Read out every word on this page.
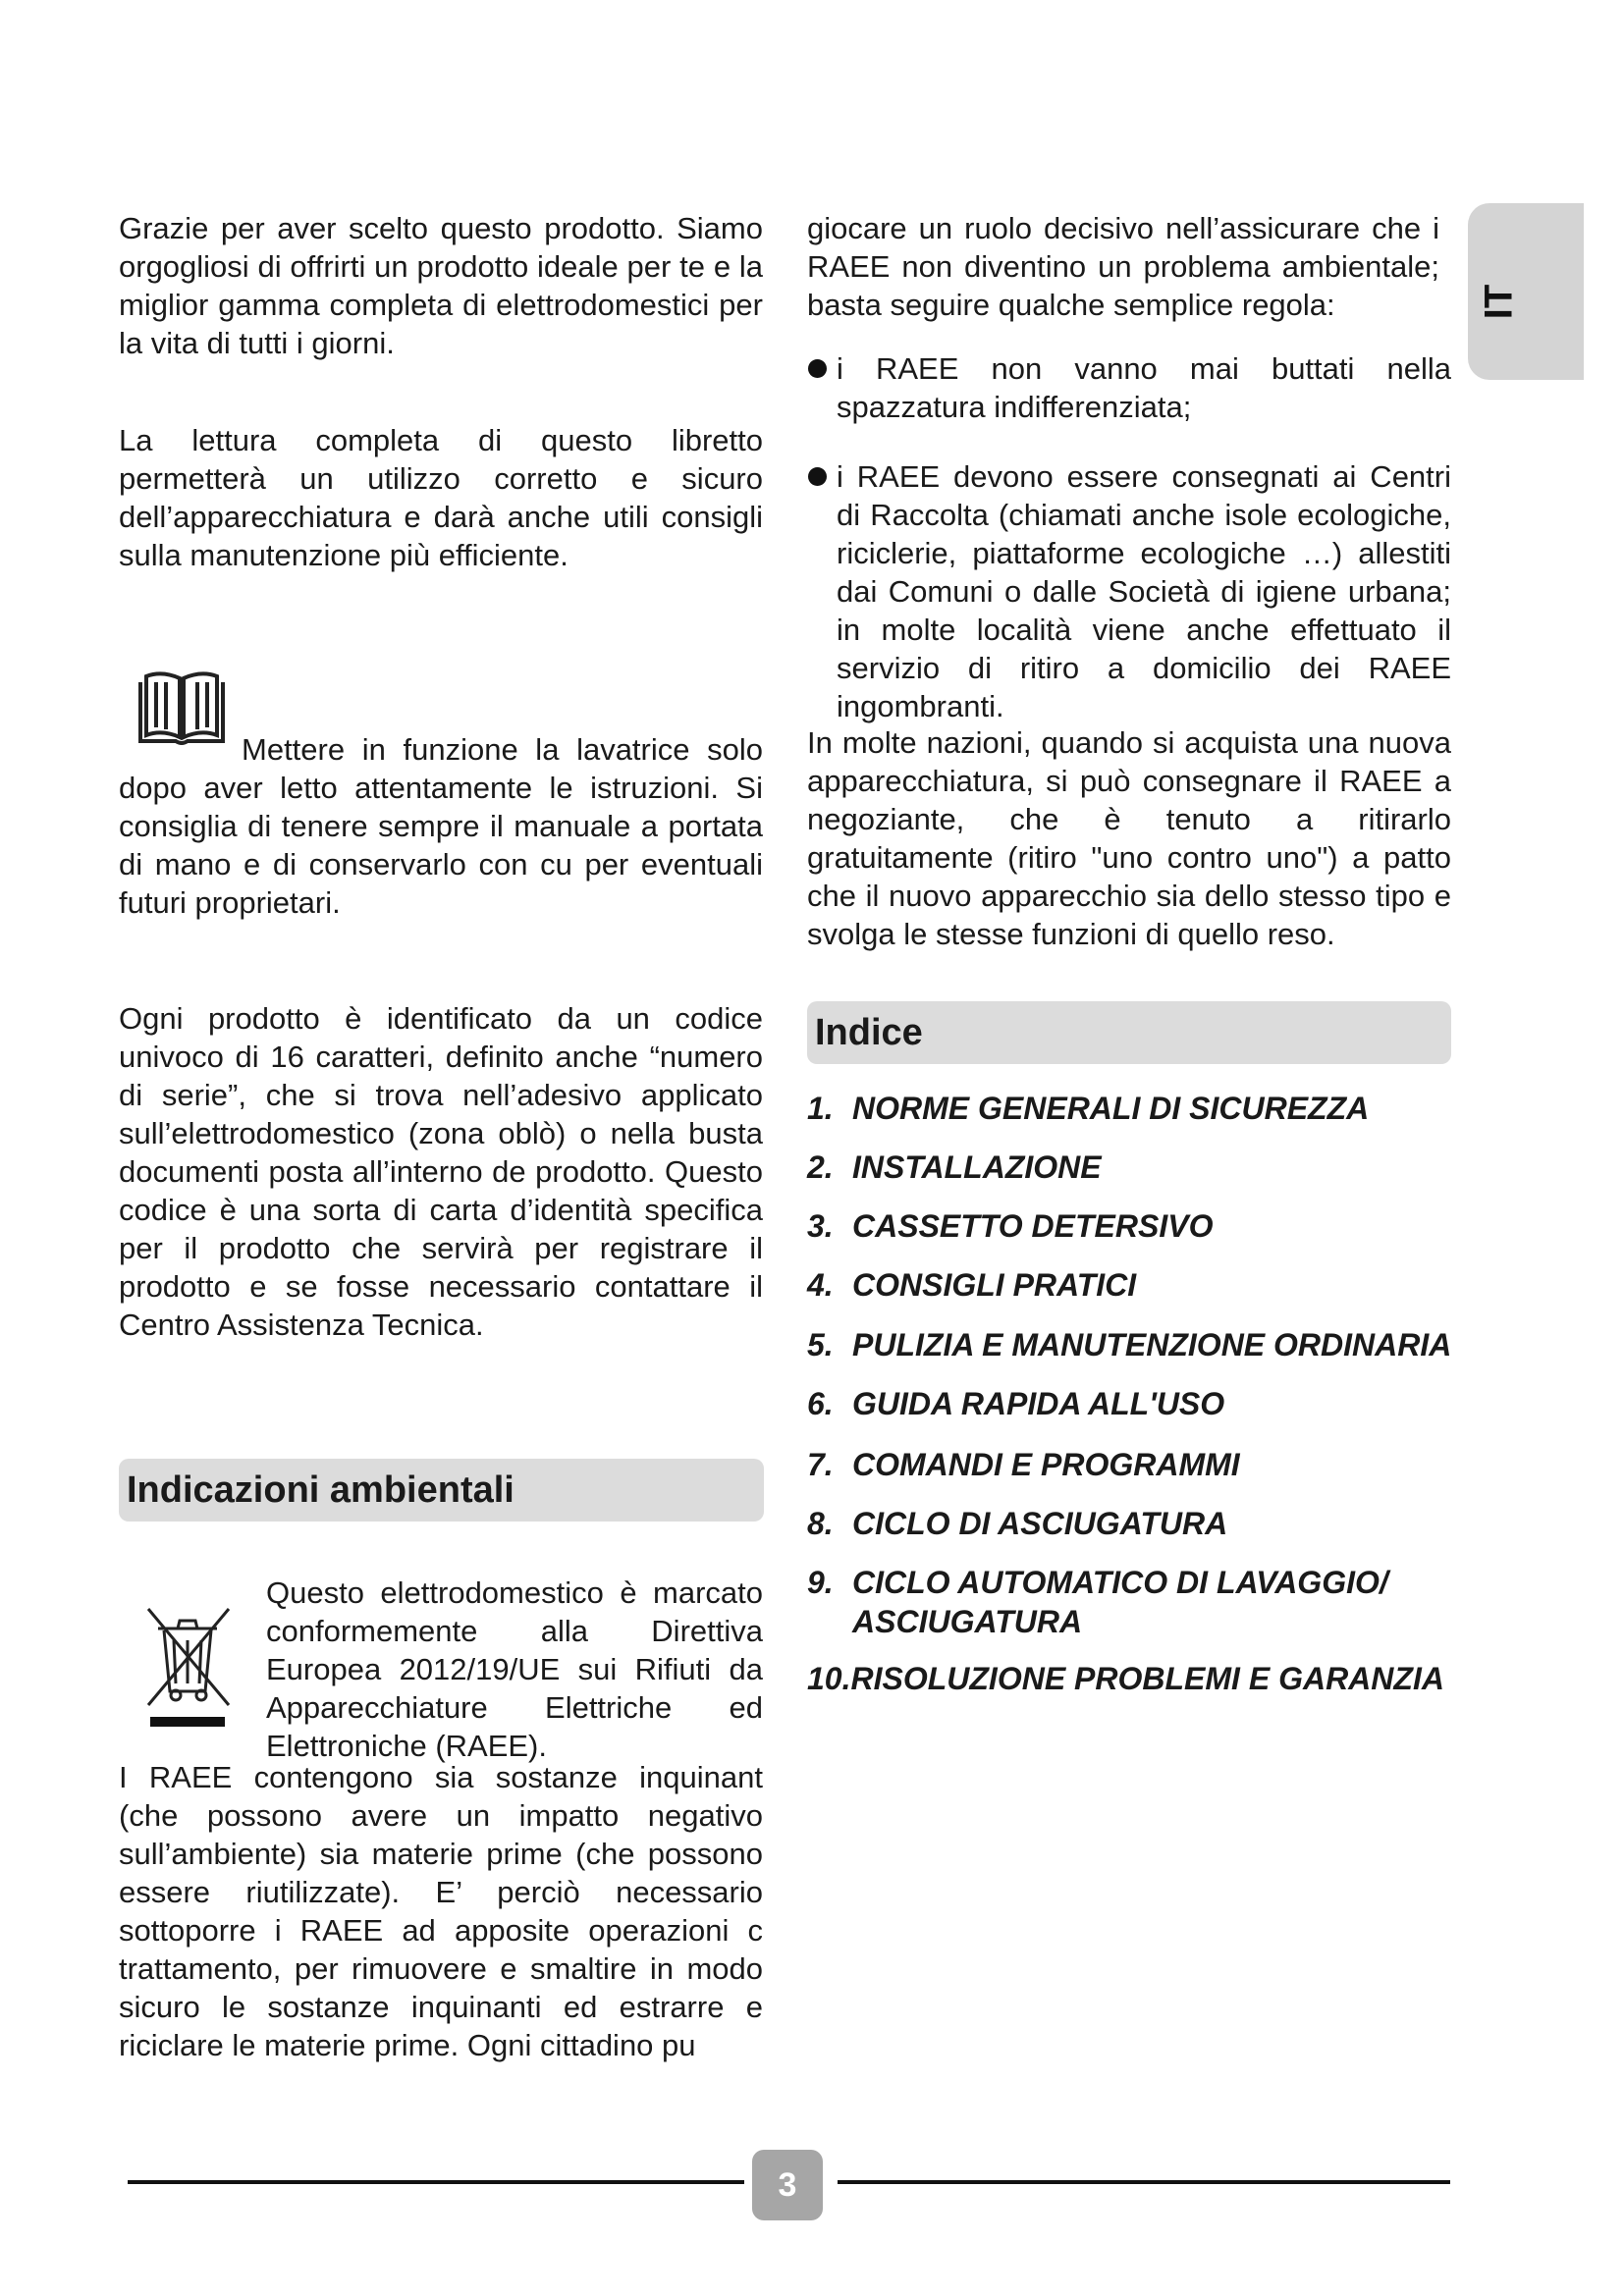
IT

Grazie per aver scelto questo prodotto. Siamo orgogliosi di offrirti un prodotto ideale per te e la miglior gamma completa di elettrodomestici per la vita di tutti i giorni.

La lettura completa di questo libretto permetterà un utilizzo corretto e sicuro dell’apparecchiatura e darà anche utili consigli sulla manutenzione più efficiente.

Mettere in funzione la lavatrice solo dopo aver letto attentamente le istruzioni. Si consiglia di tenere sempre il manuale a portata di mano e di conservarlo con cu per eventuali futuri proprietari.

Ogni prodotto è identificato da un codice univoco di 16 caratteri, definito anche “numero di serie”, che si trova nell’adesivo applicato sull’elettrodomestico (zona oblò) o nella busta documenti posta all’interno de prodotto. Questo codice è una sorta di carta d’identità specifica per il prodotto che servirà per registrare il prodotto e se fosse necessario contattare il Centro Assistenza Tecnica.

Indicazioni ambientali

Questo elettrodomestico è marcato conformemente alla Direttiva Europea 2012/19/UE sui Rifiuti da Apparecchiature Elettriche ed Elettroniche (RAEE).

I RAEE contengono sia sostanze inquinant (che possono avere un impatto negativo sull’ambiente) sia materie prime (che possono essere riutilizzate). E’ perciò necessario sottoporre i RAEE ad apposite operazioni c trattamento, per rimuovere e smaltire in modo sicuro le sostanze inquinanti ed estrarre e riciclare le materie prime. Ogni cittadino pu

giocare un ruolo decisivo nell’assicurare che i RAEE non diventino un problema ambientale; basta seguire qualche semplice regola:

i RAEE non vanno mai buttati nella spazzatura indifferenziata;
i RAEE devono essere consegnati ai Centri di Raccolta (chiamati anche isole ecologiche, riciclerie, piattaforme ecologiche …) allestiti dai Comuni o dalle Società di igiene urbana; in molte località viene anche effettuato il servizio di ritiro a domicilio dei RAEE ingombranti.

In molte nazioni, quando si acquista una nuova apparecchiatura, si può consegnare il RAEE a negoziante, che è tenuto a ritirarlo gratuitamente (ritiro "uno contro uno") a patto che il nuovo apparecchio sia dello stesso tipo e svolga le stesse funzioni di quello reso.

Indice
1. NORME GENERALI DI SICUREZZA
2. INSTALLAZIONE
3. CASSETTO DETERSIVO
4. CONSIGLI PRATICI
5. PULIZIA E MANUTENZIONE ORDINARIA
6. GUIDA RAPIDA ALL'USO
7. COMANDI E PROGRAMMI
8. CICLO DI ASCIUGATURA
9. CICLO AUTOMATICO DI LAVAGGIO/ ASCIUGATURA
10. RISOLUZIONE PROBLEMI E GARANZIA
3
